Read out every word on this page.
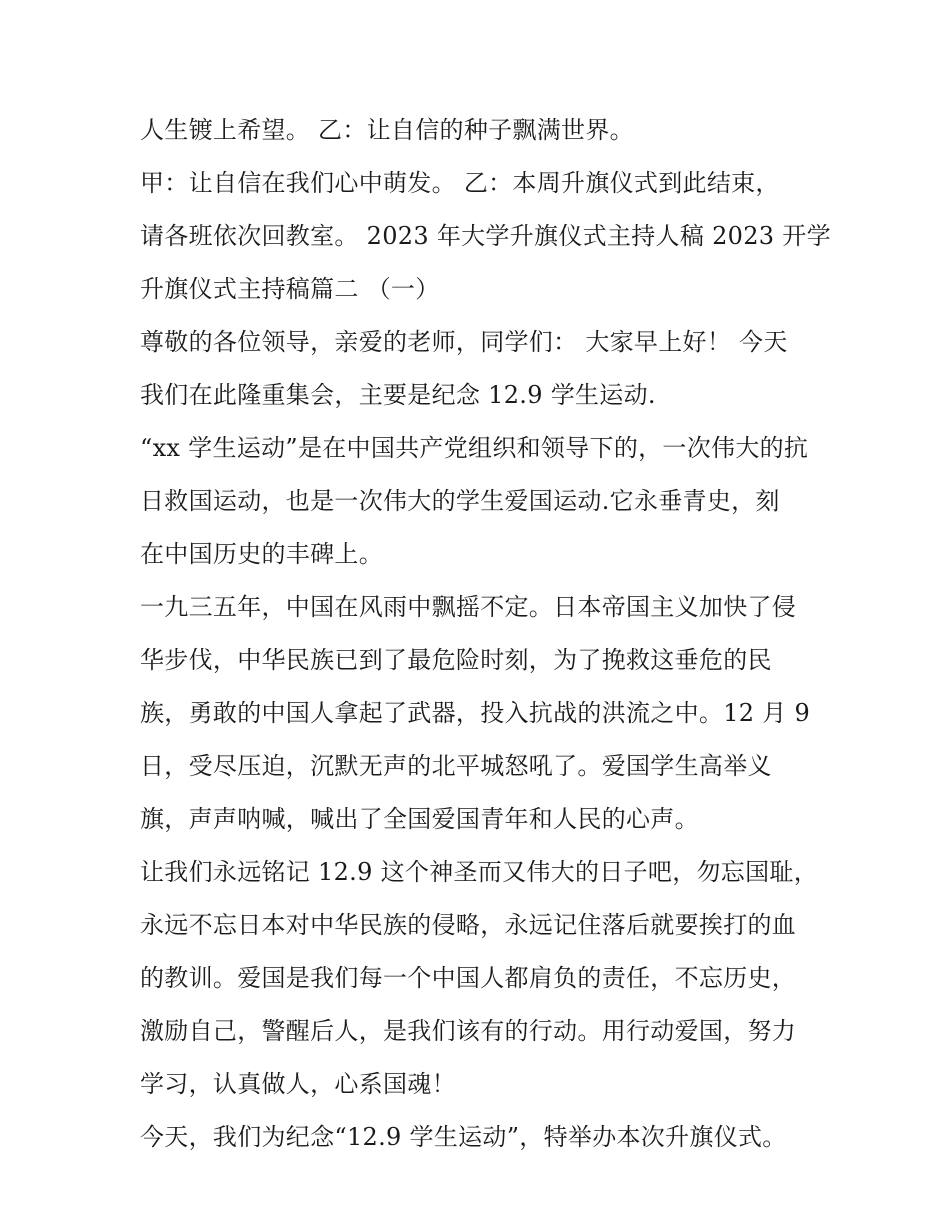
人生镀上希望。 乙：让自信的种子飘满世界。
甲：让自信在我们心中萌发。 乙：本周升旗仪式到此结束，
请各班依次回教室。 2023 年大学升旗仪式主持人稿 2023 开学
升旗仪式主持稿篇二 （一）
尊敬的各位领导，亲爱的老师，同学们： 大家早上好！ 今天
我们在此隆重集会，主要是纪念 12.9 学生运动.
“xx 学生运动”是在中国共产党组织和领导下的，一次伟大的抗
日救国运动，也是一次伟大的学生爱国运动.它永垂青史，刻
在中国历史的丰碑上。
一九三五年，中国在风雨中飘摇不定。日本帝国主义加快了侵
华步伐，中华民族已到了最危险时刻，为了挽救这垂危的民
族，勇敢的中国人拿起了武器，投入抗战的洪流之中。12 月 9
日，受尽压迫，沉默无声的北平城怒吼了。爱国学生高举义
旗，声声呐喊，喊出了全国爱国青年和人民的心声。
让我们永远铭记 12.9 这个神圣而又伟大的日子吧，勿忘国耻，
永远不忘日本对中华民族的侵略，永远记住落后就要挨打的血
的教训。爱国是我们每一个中国人都肩负的责任，不忘历史，
激励自己，警醒后人，是我们该有的行动。用行动爱国，努力
学习，认真做人，心系国魂！
今天，我们为纪念“12.9 学生运动”，特举办本次升旗仪式。
